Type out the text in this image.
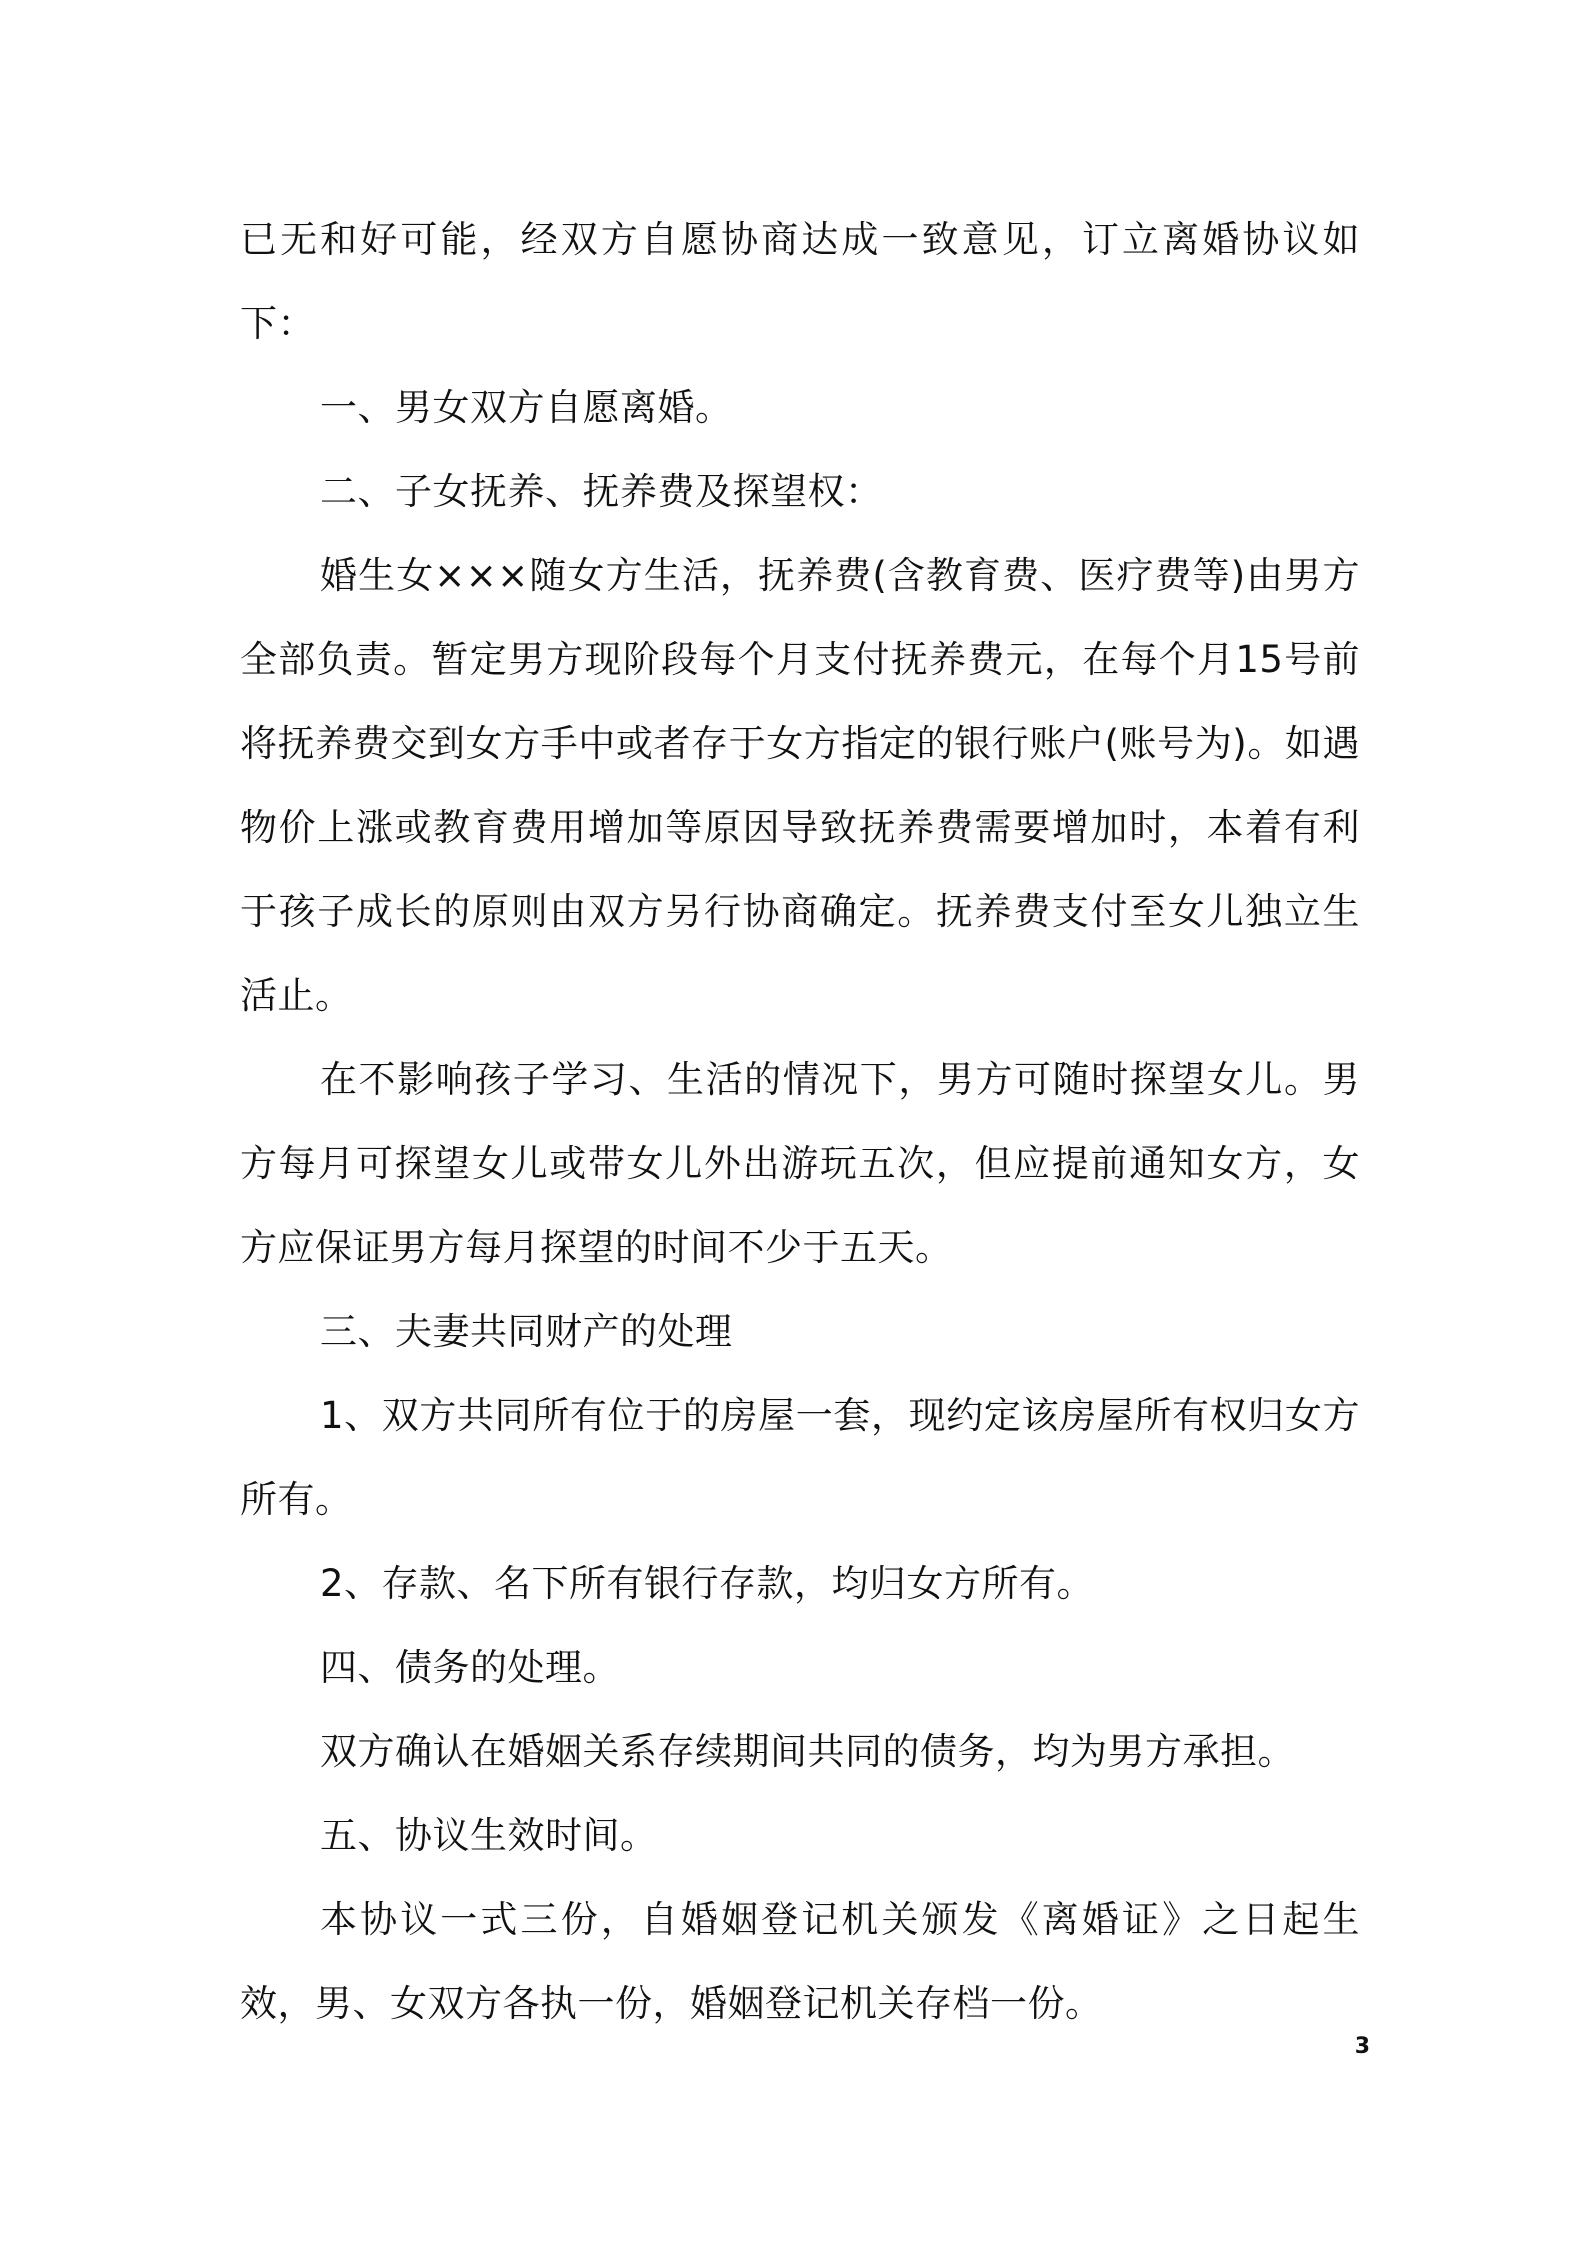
已无和好可能，经双方自愿协商达成一致意见，订立离婚协议如下：

一、男女双方自愿离婚。

二、子女抚养、抚养费及探望权：

婚生女×××随女方生活，抚养费(含教育费、医疗费等)由男方全部负责。暂定男方现阶段每个月支付抚养费元，在每个月15号前将抚养费交到女方手中或者存于女方指定的银行账户(账号为)。如遇物价上涨或教育费用增加等原因导致抚养费需要增加时，本着有利于孩子成长的原则由双方另行协商确定。抚养费支付至女儿独立生活止。

在不影响孩子学习、生活的情况下，男方可随时探望女儿。男方每月可探望女儿或带女儿外出游玩五次，但应提前通知女方，女方应保证男方每月探望的时间不少于五天。

三、夫妻共同财产的处理

1、双方共同所有位于的房屋一套，现约定该房屋所有权归女方所有。

2、存款、名下所有银行存款，均归女方所有。

四、债务的处理。

双方确认在婚姻关系存续期间共同的债务，均为男方承担。

五、协议生效时间。

本协议一式三份，自婚姻登记机关颁发《离婚证》之日起生效，男、女双方各执一份，婚姻登记机关存档一份。

3
